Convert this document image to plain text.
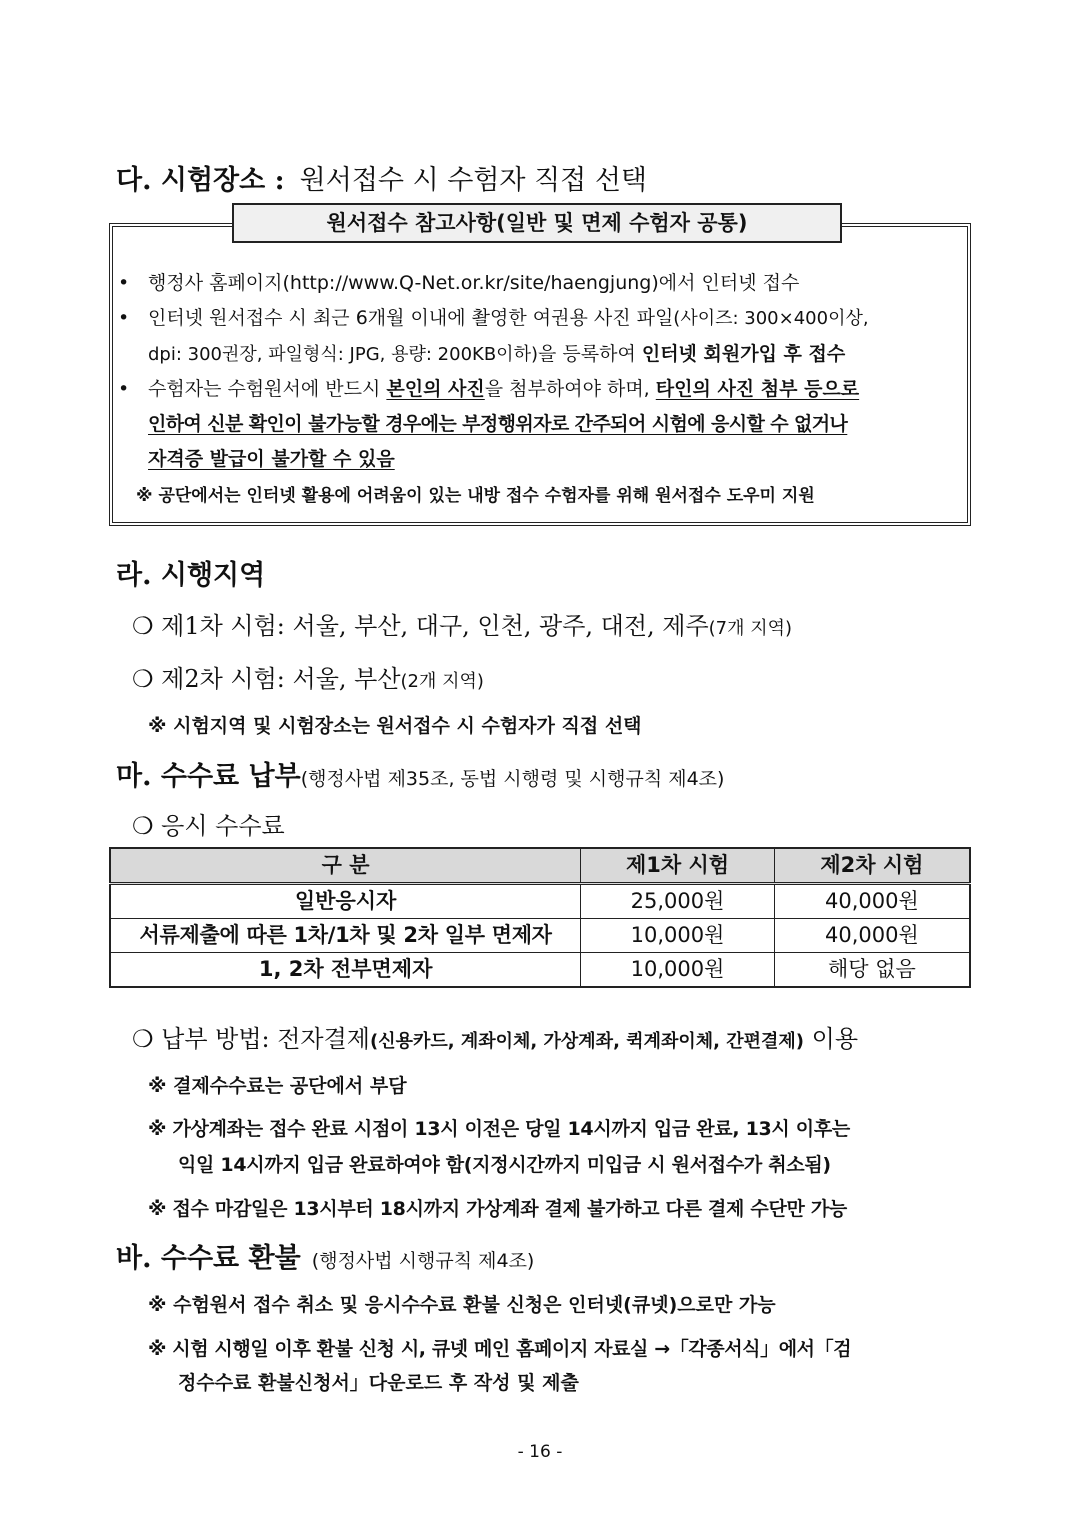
다. 시험장소 : 원서접수 시 수험자 직접 선택
원서접수 참고사항(일반 및 면제 수험자 공통)
• 행정사 홈페이지(http://www.Q-Net.or.kr/site/haengjung)에서 인터넷 접수
• 인터넷 원서접수 시 최근 6개월 이내에 촬영한 여권용 사진 파일(사이즈: 300×400이상,
dpi: 300권장, 파일형식: JPG, 용량: 200KB이하)을 등록하여 인터넷 회원가입 후 접수
• 수험자는 수험원서에 반드시 본인의 사진을 첨부하여야 하며, 타인의 사진 첨부 등으로
인하여 신분 확인이 불가능할 경우에는 부정행위자로 간주되어 시험에 응시할 수 없거나
자격증 발급이 불가할 수 있음
※ 공단에서는 인터넷 활용에 어려움이 있는 내방 접수 수험자를 위해 원서접수 도우미 지원
라. 시행지역
❍ 제1차 시험: 서울, 부산, 대구, 인천, 광주, 대전, 제주(7개 지역)
❍ 제2차 시험: 서울, 부산(2개 지역)
※ 시험지역 및 시험장소는 원서접수 시 수험자가 직접 선택
마. 수수료 납부(행정사법 제35조, 동법 시행령 및 시행규칙 제4조)
❍ 응시 수수료
구 분	제1차 시험	제2차 시험
일반응시자	25,000원	40,000원
서류제출에 따른 1차/1차 및 2차 일부 면제자	10,000원	40,000원
1, 2차 전부면제자	10,000원	해당 없음
❍ 납부 방법: 전자결제(신용카드, 계좌이체, 가상계좌, 퀵계좌이체, 간편결제) 이용
※ 결제수수료는 공단에서 부담
※ 가상계좌는 접수 완료 시점이 13시 이전은 당일 14시까지 입금 완료, 13시 이후는
익일 14시까지 입금 완료하여야 함(지정시간까지 미입금 시 원서접수가 취소됨)
※ 접수 마감일은 13시부터 18시까지 가상계좌 결제 불가하고 다른 결제 수단만 가능
바. 수수료 환불 (행정사법 시행규칙 제4조)
※ 수험원서 접수 취소 및 응시수수료 환불 신청은 인터넷(큐넷)으로만 가능
※ 시험 시행일 이후 환불 신청 시, 큐넷 메인 홈페이지 자료실 →「각종서식」에서「검
정수수료 환불신청서」다운로드 후 작성 및 제출
- 16 -
